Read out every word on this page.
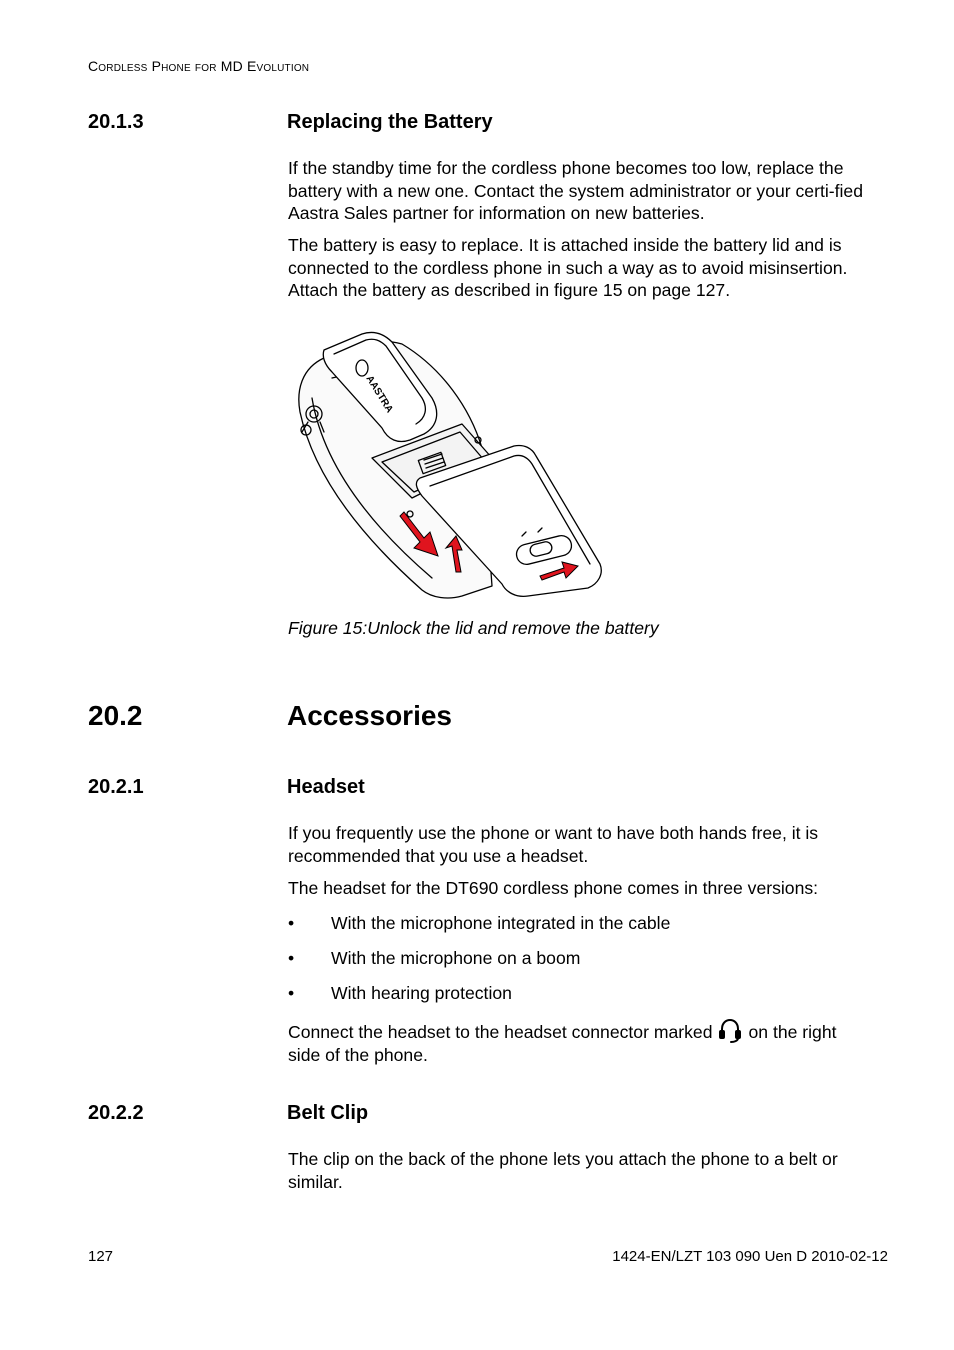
Cordless Phone for MD Evolution
20.1.3	Replacing the Battery

If the standby time for the cordless phone becomes too low, replace the battery with a new one. Contact the system administrator or your certi-fied Aastra Sales partner for information on new batteries.

The battery is easy to replace. It is attached inside the battery lid and is connected to the cordless phone in such a way as to avoid misinsertion. Attach the battery as described in figure 15 on page 127.

AASTRA
Figure 15:Unlock the lid and remove the battery
20.2	Accessories
20.2.1	Headset

If you frequently use the phone or want to have both hands free, it is recommended that you use a headset.

The headset for the DT690 cordless phone comes in three versions:

• With the microphone integrated in the cable
• With the microphone on a boom
• With hearing protection

Connect the headset to the headset connector marked on the right

side of the phone.

20.2.2	Belt Clip

The clip on the back of the phone lets you attach the phone to a belt or similar.

127	1424-EN/LZT 103 090 Uen D 2010-02-12
